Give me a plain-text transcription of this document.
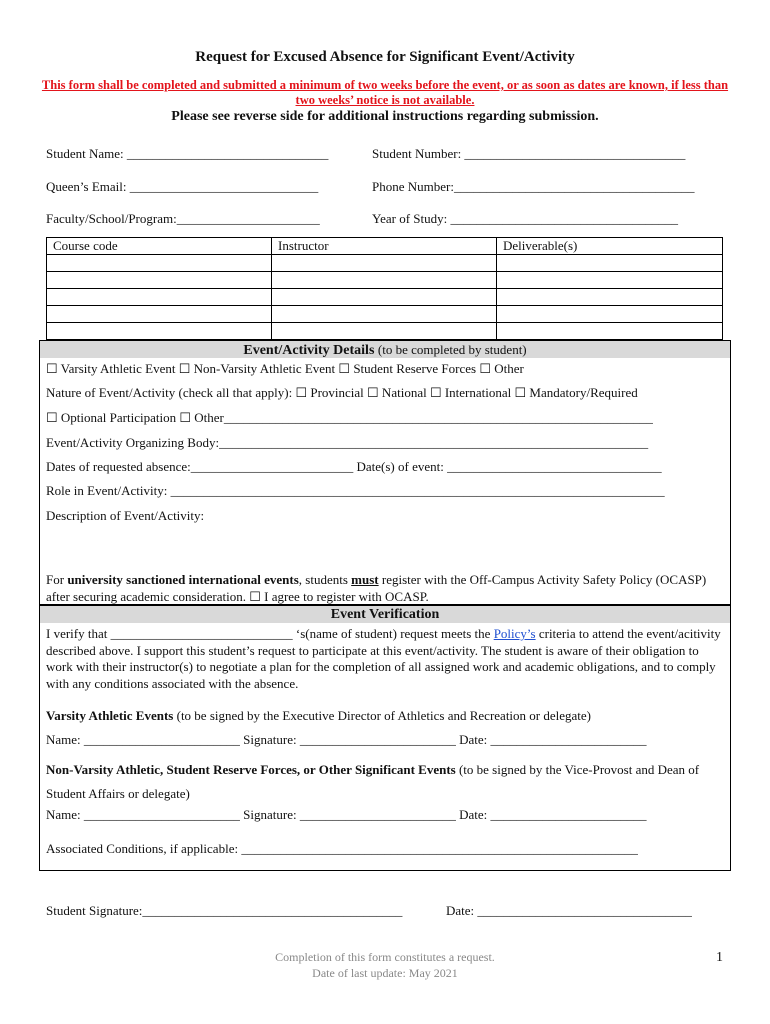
Request for Excused Absence for Significant Event/Activity
This form shall be completed and submitted a minimum of two weeks before the event, or as soon as dates are known, if less than two weeks’ notice is not available.
Please see reverse side for additional instructions regarding submission.
Student Name: _______________________________	Student Number: __________________________________
Queen’s Email: _____________________________	Phone Number:_____________________________________
Faculty/School/Program:______________________	Year of Study: ___________________________________
Course code	Instructor	Deliverable(s)

Event/Activity Details (to be completed by student)
☐ Varsity Athletic Event ☐ Non-Varsity Athletic Event ☐ Student Reserve Forces ☐ Other
Nature of Event/Activity (check all that apply): ☐ Provincial ☐ National ☐ International ☐ Mandatory/Required
☐ Optional Participation ☐ Other__________________________________________________________________
Event/Activity Organizing Body:__________________________________________________________________
Dates of requested absence:_________________________ Date(s) of event: _________________________________
Role in Event/Activity: ____________________________________________________________________________
Description of Event/Activity:
For university sanctioned international events, students must register with the Off-Campus Activity Safety Policy (OCASP) after securing academic consideration. ☐ I agree to register with OCASP.
Event Verification
I verify that ____________________________ ‘s(name of student) request meets the Policy’s criteria to attend the event/acitivity described above. I support this student’s request to participate at this event/activity. The student is aware of their obligation to work with their instructor(s) to negotiate a plan for the completion of all assigned work and academic obligations, and to comply with any conditions associated with the absence.
Varsity Athletic Events (to be signed by the Executive Director of Athletics and Recreation or delegate)
Name: ________________________ Signature: ________________________ Date: ________________________
Non-Varsity Athletic, Student Reserve Forces, or Other Significant Events (to be signed by the Vice-Provost and Dean of Student Affairs or delegate)
Name: ________________________ Signature: ________________________ Date: ________________________
Associated Conditions, if applicable: _____________________________________________________________
Student Signature:________________________________________	Date: _________________________________
Completion of this form constitutes a request.
Date of last update: May 2021
1
